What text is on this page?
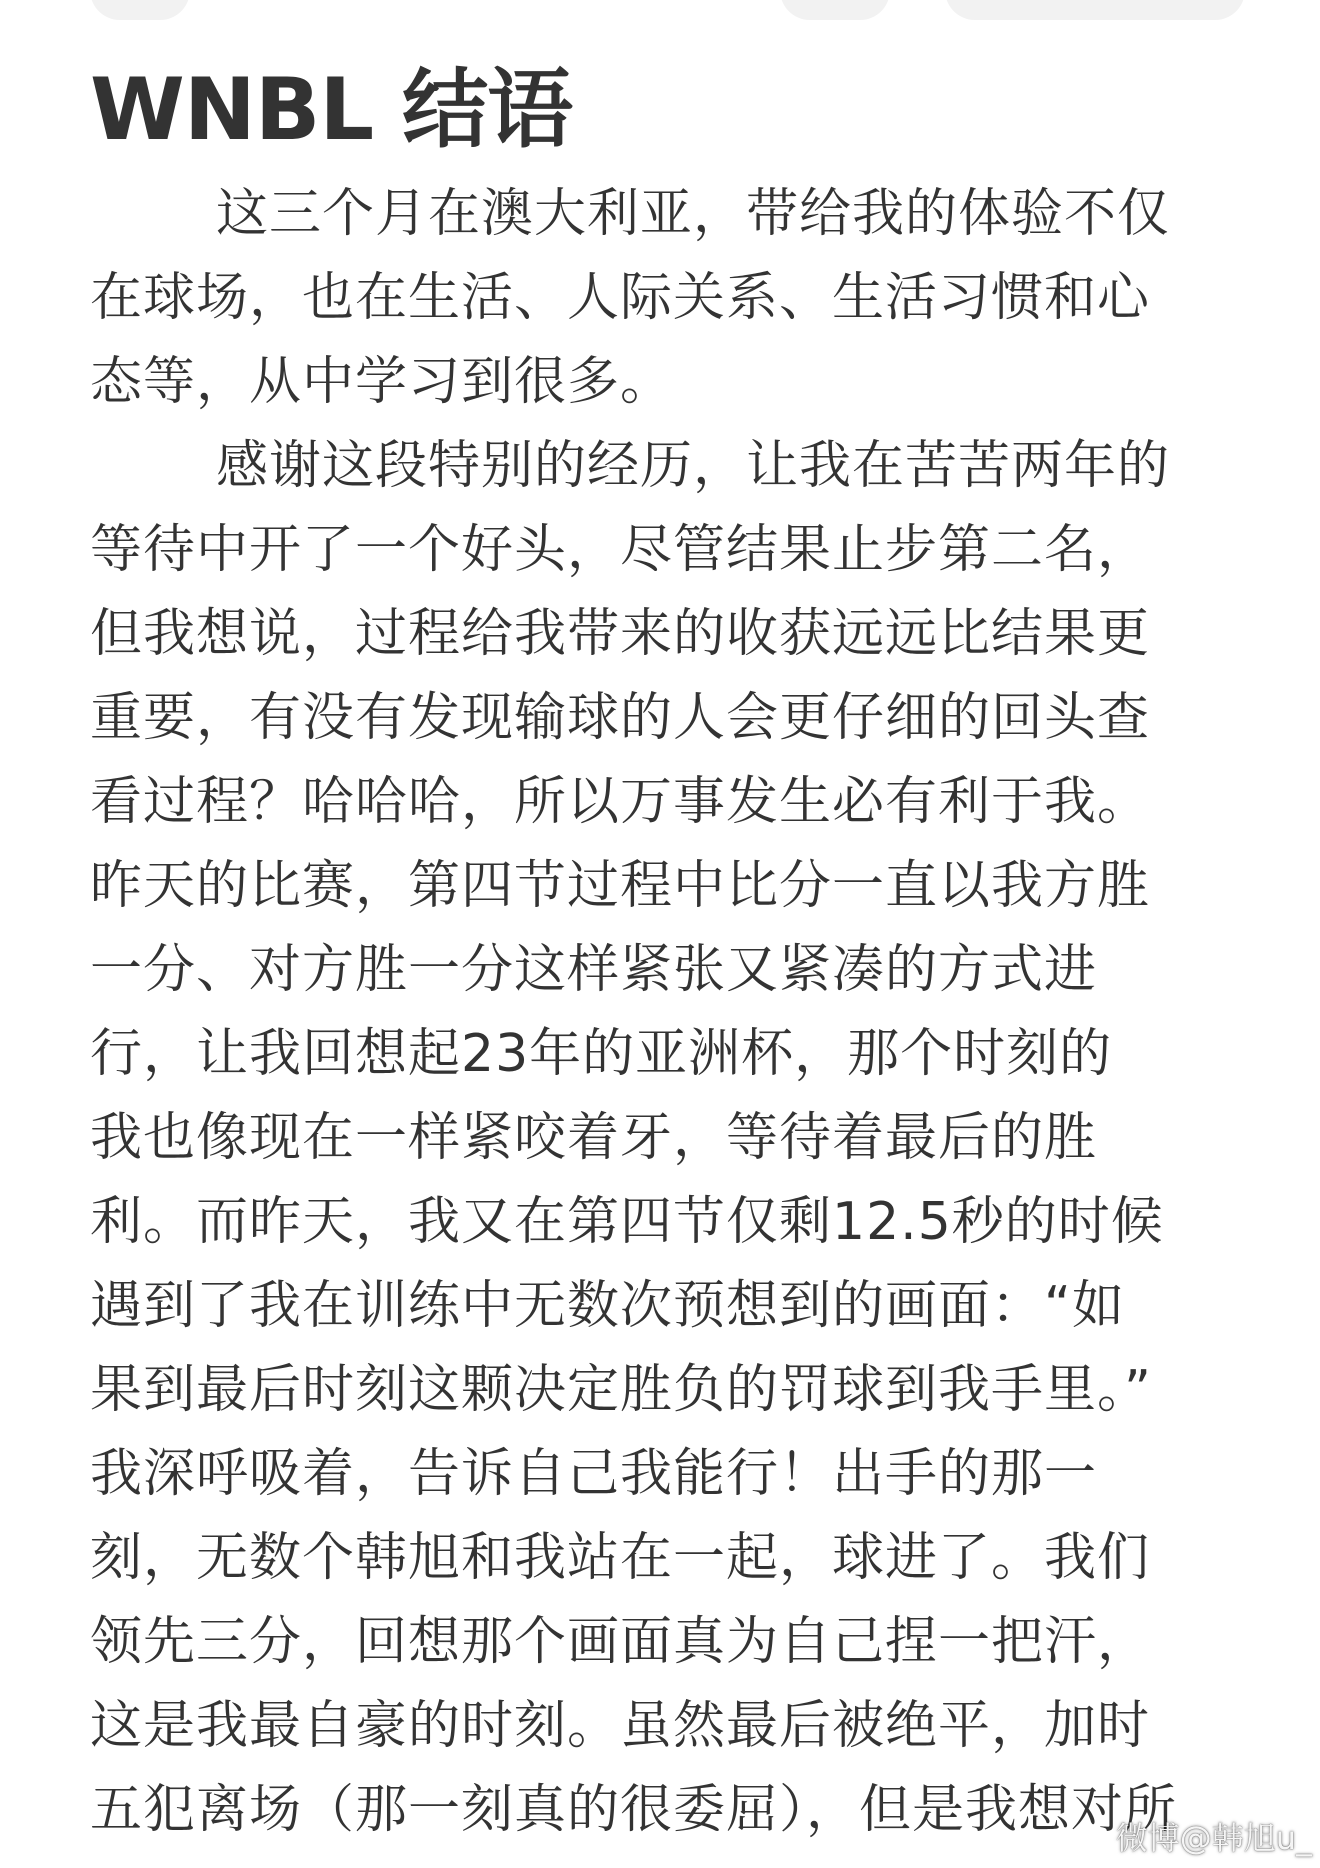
WNBL 结语

这三个月在澳大利亚，带给我的体验不仅
在球场，也在生活、人际关系、生活习惯和心
态等，从中学习到很多。

感谢这段特别的经历，让我在苦苦两年的
等待中开了一个好头，尽管结果止步第二名，
但我想说，过程给我带来的收获远远比结果更
重要，有没有发现输球的人会更仔细的回头查
看过程？哈哈哈，所以万事发生必有利于我。
昨天的比赛，第四节过程中比分一直以我方胜
一分、对方胜一分这样紧张又紧凑的方式进
行，让我回想起23年的亚洲杯，那个时刻的
我也像现在一样紧咬着牙，等待着最后的胜
利。而昨天，我又在第四节仅剩12.5秒的时候
遇到了我在训练中无数次预想到的画面：“如
果到最后时刻这颗决定胜负的罚球到我手里。”
我深呼吸着，告诉自己我能行！出手的那一
刻，无数个韩旭和我站在一起，球进了。我们
领先三分，回想那个画面真为自己捏一把汗，
这是我最自豪的时刻。虽然最后被绝平，加时
五犯离场（那一刻真的很委屈），但是我想对所

微博@韩旭u_
